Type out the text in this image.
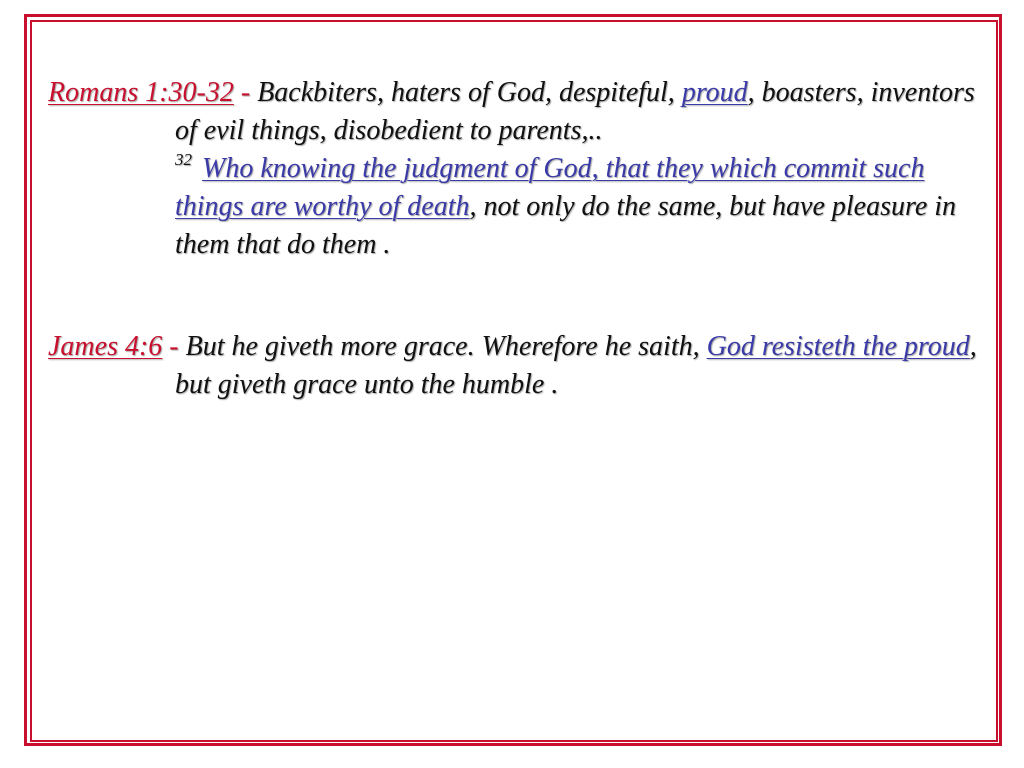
Romans 1:30-32 - Backbiters, haters of God, despiteful, proud, boasters, inventors of evil things, disobedient to parents,..
$^{32}$ Who knowing the judgment of God, that they which commit such things are worthy of death, not only do the same, but have pleasure in them that do them .

James 4:6 - But he giveth more grace. Wherefore he saith, God resisteth the proud, but giveth grace unto the humble .
